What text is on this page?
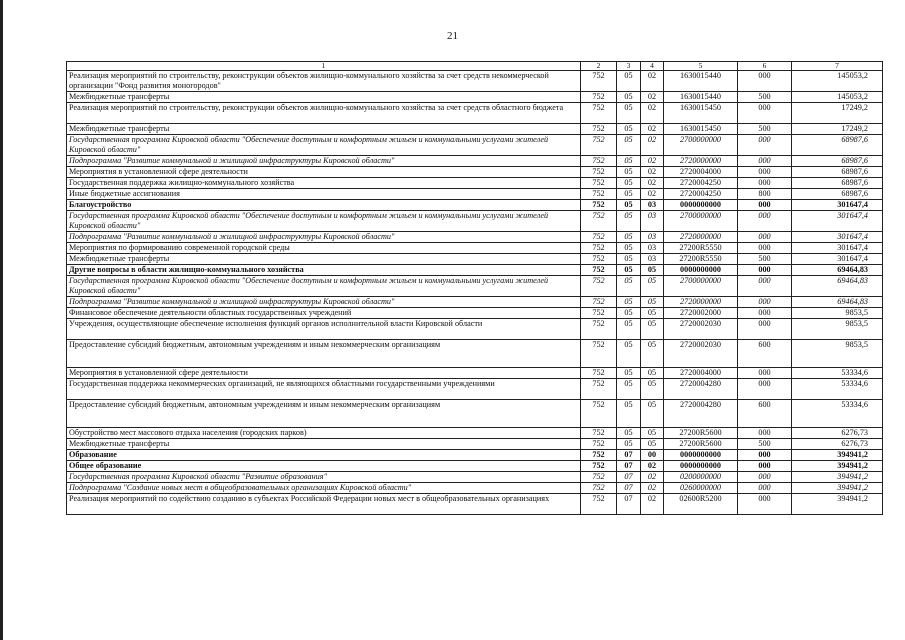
21
1	2	3	4	5	6	7
Реализация мероприятий по строительству, реконструкции объектов жилищно-коммунального хозяйства за счет средств некоммерческой организации "Фонд развития моногородов"	752	05	02	1630015440	000	145053,2
Межбюджетные трансферты	752	05	02	1630015440	500	145053,2
Реализация мероприятий по строительству, реконструкции объектов жилищно-коммунального хозяйства за счет средств областного бюджета	752	05	02	1630015450	000	17249,2
Межбюджетные трансферты	752	05	02	1630015450	500	17249,2
Государственная программа Кировской области "Обеспечение доступным и комфортным жильем и коммунальными услугами жителей Кировской области"	752	05	02	2700000000	000	68987,6
Подпрограмма "Развитие коммунальной и жилищной инфраструктуры Кировской области"	752	05	02	2720000000	000	68987,6
Мероприятия в установленной сфере деятельности	752	05	02	2720004000	000	68987,6
Государственная поддержка жилищно-коммунального хозяйства	752	05	02	2720004250	000	68987,6
Иные бюджетные ассигнования	752	05	02	2720004250	800	68987,6
Благоустройство	752	05	03	0000000000	000	301647,4
Государственная программа Кировской области "Обеспечение доступным и комфортным жильем и коммунальными услугами жителей Кировской области"	752	05	03	2700000000	000	301647,4
Подпрограмма "Развитие коммунальной и жилищной инфраструктуры Кировской области"	752	05	03	2720000000	000	301647,4
Мероприятия по формированию современной городской среды	752	05	03	27200R5550	000	301647,4
Межбюджетные трансферты	752	05	03	27200R5550	500	301647,4
Другие вопросы в области жилищно-коммунального хозяйства	752	05	05	0000000000	000	69464,83
Государственная программа Кировской области "Обеспечение доступным и комфортным жильем и коммунальными услугами жителей Кировской области"	752	05	05	2700000000	000	69464,83
Подпрограмма "Развитие коммунальной и жилищной инфраструктуры Кировской области"	752	05	05	2720000000	000	69464,83
Финансовое обеспечение деятельности областных государственных учреждений	752	05	05	2720002000	000	9853,5
Учреждения, осуществляющие обеспечение исполнения функций органов исполнительной власти Кировской области	752	05	05	2720002030	000	9853,5
Предоставление субсидий бюджетным, автономным учреждениям и иным некоммерческим организациям	752	05	05	2720002030	600	9853,5
Мероприятия в установленной сфере деятельности	752	05	05	2720004000	000	53334,6
Государственная поддержка некоммерческих организаций, не являющихся областными государственными учреждениями	752	05	05	2720004280	000	53334,6
Предоставление субсидий бюджетным, автономным учреждениям и иным некоммерческим организациям	752	05	05	2720004280	600	53334,6
Обустройство мест массового отдыха населения (городских парков)	752	05	05	27200R5600	000	6276,73
Межбюджетные трансферты	752	05	05	27200R5600	500	6276,73
Образование	752	07	00	0000000000	000	394941,2
Общее образование	752	07	02	0000000000	000	394941,2
Государственная программа Кировской области "Развитие образования"	752	07	02	0200000000	000	394941,2
Подпрограмма "Создание новых мест в общеобразовательных организациях Кировской области"	752	07	02	0260000000	000	394941,2
Реализация мероприятий по содействию созданию в субъектах Российской Федерации новых мест в общеобразовательных организациях	752	07	02	02600R5200	000	394941,2
